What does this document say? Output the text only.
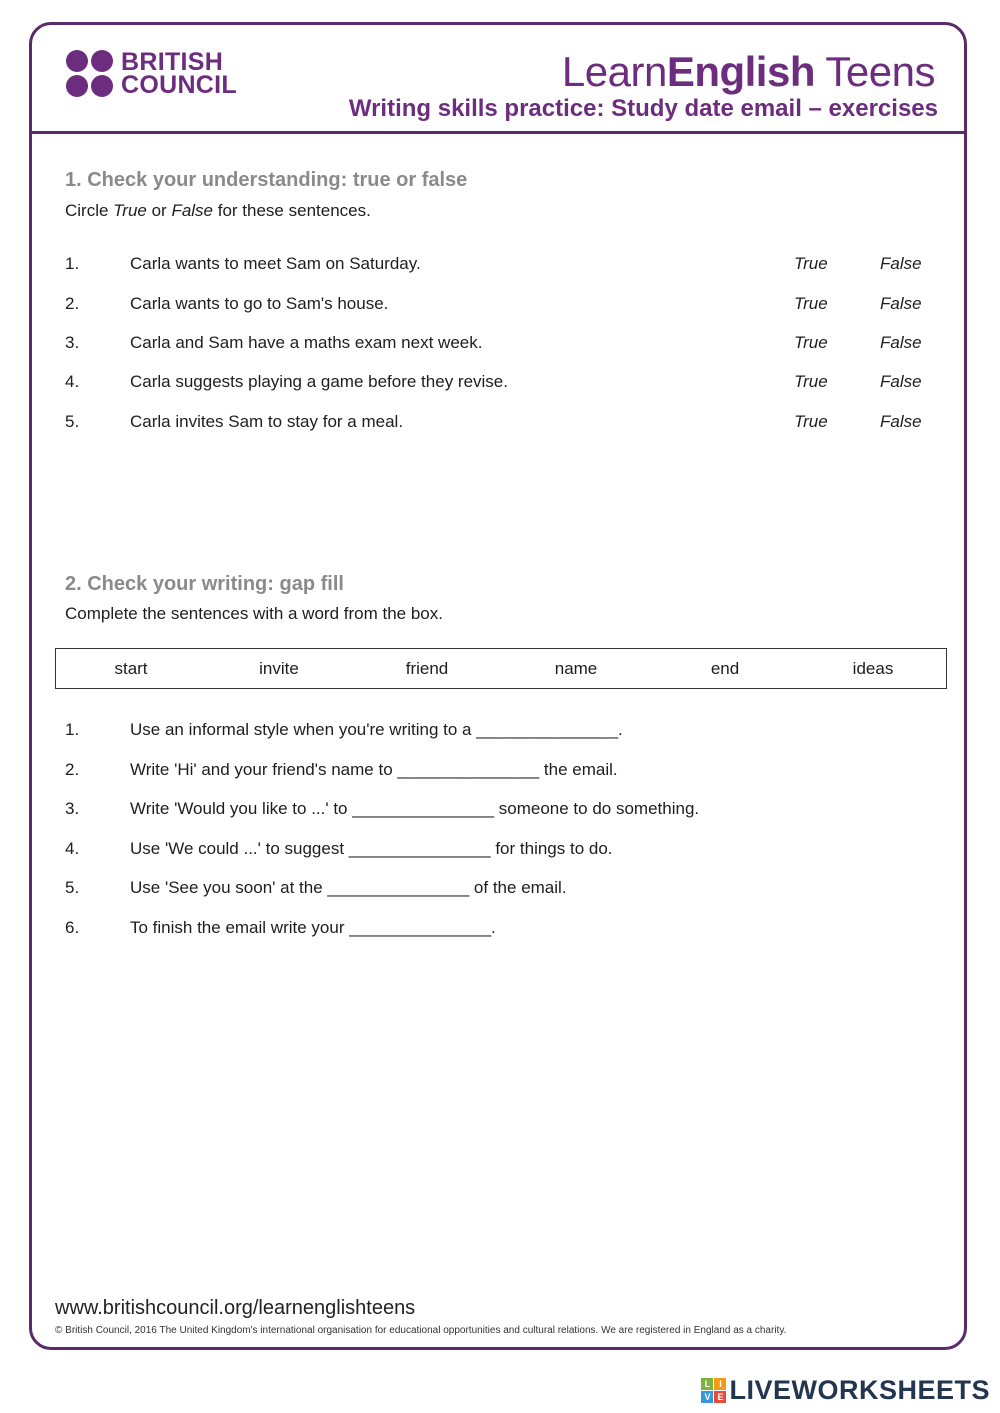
BRITISH
COUNCIL	LearnEnglish Teens
Writing skills practice: Study date email – exercises
1. Check your understanding: true or false
Circle True or False for these sentences.
1.	Carla wants to meet Sam on Saturday.	True	False
2.	Carla wants to go to Sam's house.	True	False
3.	Carla and Sam have a maths exam next week.	True	False
4.	Carla suggests playing a game before they revise.	True	False
5.	Carla invites Sam to stay for a meal.	True	False
2. Check your writing: gap fill
Complete the sentences with a word from the box.
start	invite	friend	name	end	ideas
1.	Use an informal style when you're writing to a _______________.
2.	Write 'Hi' and your friend's name to _______________ the email.
3.	Write 'Would you like to ...' to _______________ someone to do something.
4.	Use 'We could ...' to suggest _______________ for things to do.
5.	Use 'See you soon' at the _______________ of the email.
6.	To finish the email write your _______________.
www.britishcouncil.org/learnenglishteens
© British Council, 2016 The United Kingdom's international organisation for educational opportunities and cultural relations. We are registered in England as a charity.
L I
V E LIVEWORKSHEETS
